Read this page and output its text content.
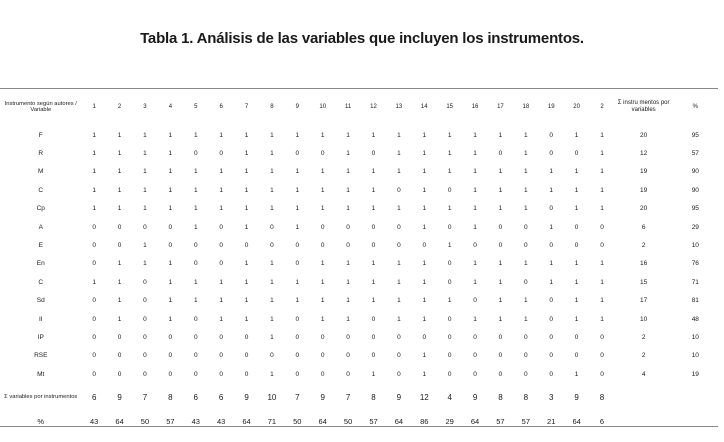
Tabla 1. Análisis de las variables que incluyen los instrumentos.
Instrumento según autores / Variable	1	2	3	4	5	6	7	8	9	10	11	12	13	14	15	16	17	18	19	20	2	Σ instru mentos por variables	%
F	1	1	1	1	1	1	1	1	1	1	1	1	1	1	1	1	1	1	0	1	1	20	95
R	1	1	1	1	0	0	1	1	0	0	1	0	1	1	1	1	0	1	0	0	1	12	57
M	1	1	1	1	1	1	1	1	1	1	1	1	1	1	1	1	1	1	1	1	1	19	90
C	1	1	1	1	1	1	1	1	1	1	1	1	0	1	0	1	1	1	1	1	1	19	90
Cp	1	1	1	1	1	1	1	1	1	1	1	1	1	1	1	1	1	1	0	1	1	20	95
A	0	0	0	0	1	0	1	0	1	0	0	0	0	1	0	1	0	0	1	0	0	6	29
E	0	0	1	0	0	0	0	0	0	0	0	0	0	0	1	0	0	0	0	0	0	2	10
En	0	1	1	1	0	0	1	1	0	1	1	1	1	1	0	1	1	1	1	1	1	16	76
C	1	1	0	1	1	1	1	1	1	1	1	1	1	1	0	1	1	0	1	1	1	15	71
Sd	0	1	0	1	1	1	1	1	1	1	1	1	1	1	1	0	1	1	0	1	1	17	81
II	0	1	0	1	0	1	1	1	0	1	1	0	1	1	0	1	1	1	0	1	1	10	48
IP	0	0	0	0	0	0	0	1	0	0	0	0	0	0	0	0	0	0	0	0	0	2	10
RSE	0	0	0	0	0	0	0	0	0	0	0	0	0	1	0	0	0	0	0	0	0	2	10
Mt	0	0	0	0	0	0	0	1	0	0	0	1	0	1	0	0	0	0	0	1	0	4	19
Σ variables por instrumentos	6	9	7	8	6	6	9	10	7	9	7	8	9	12	4	9	8	8	3	9	8		
%	43	64	50	57	43	43	64	71	50	64	50	57	64	86	29	64	57	57	21	64	6		
